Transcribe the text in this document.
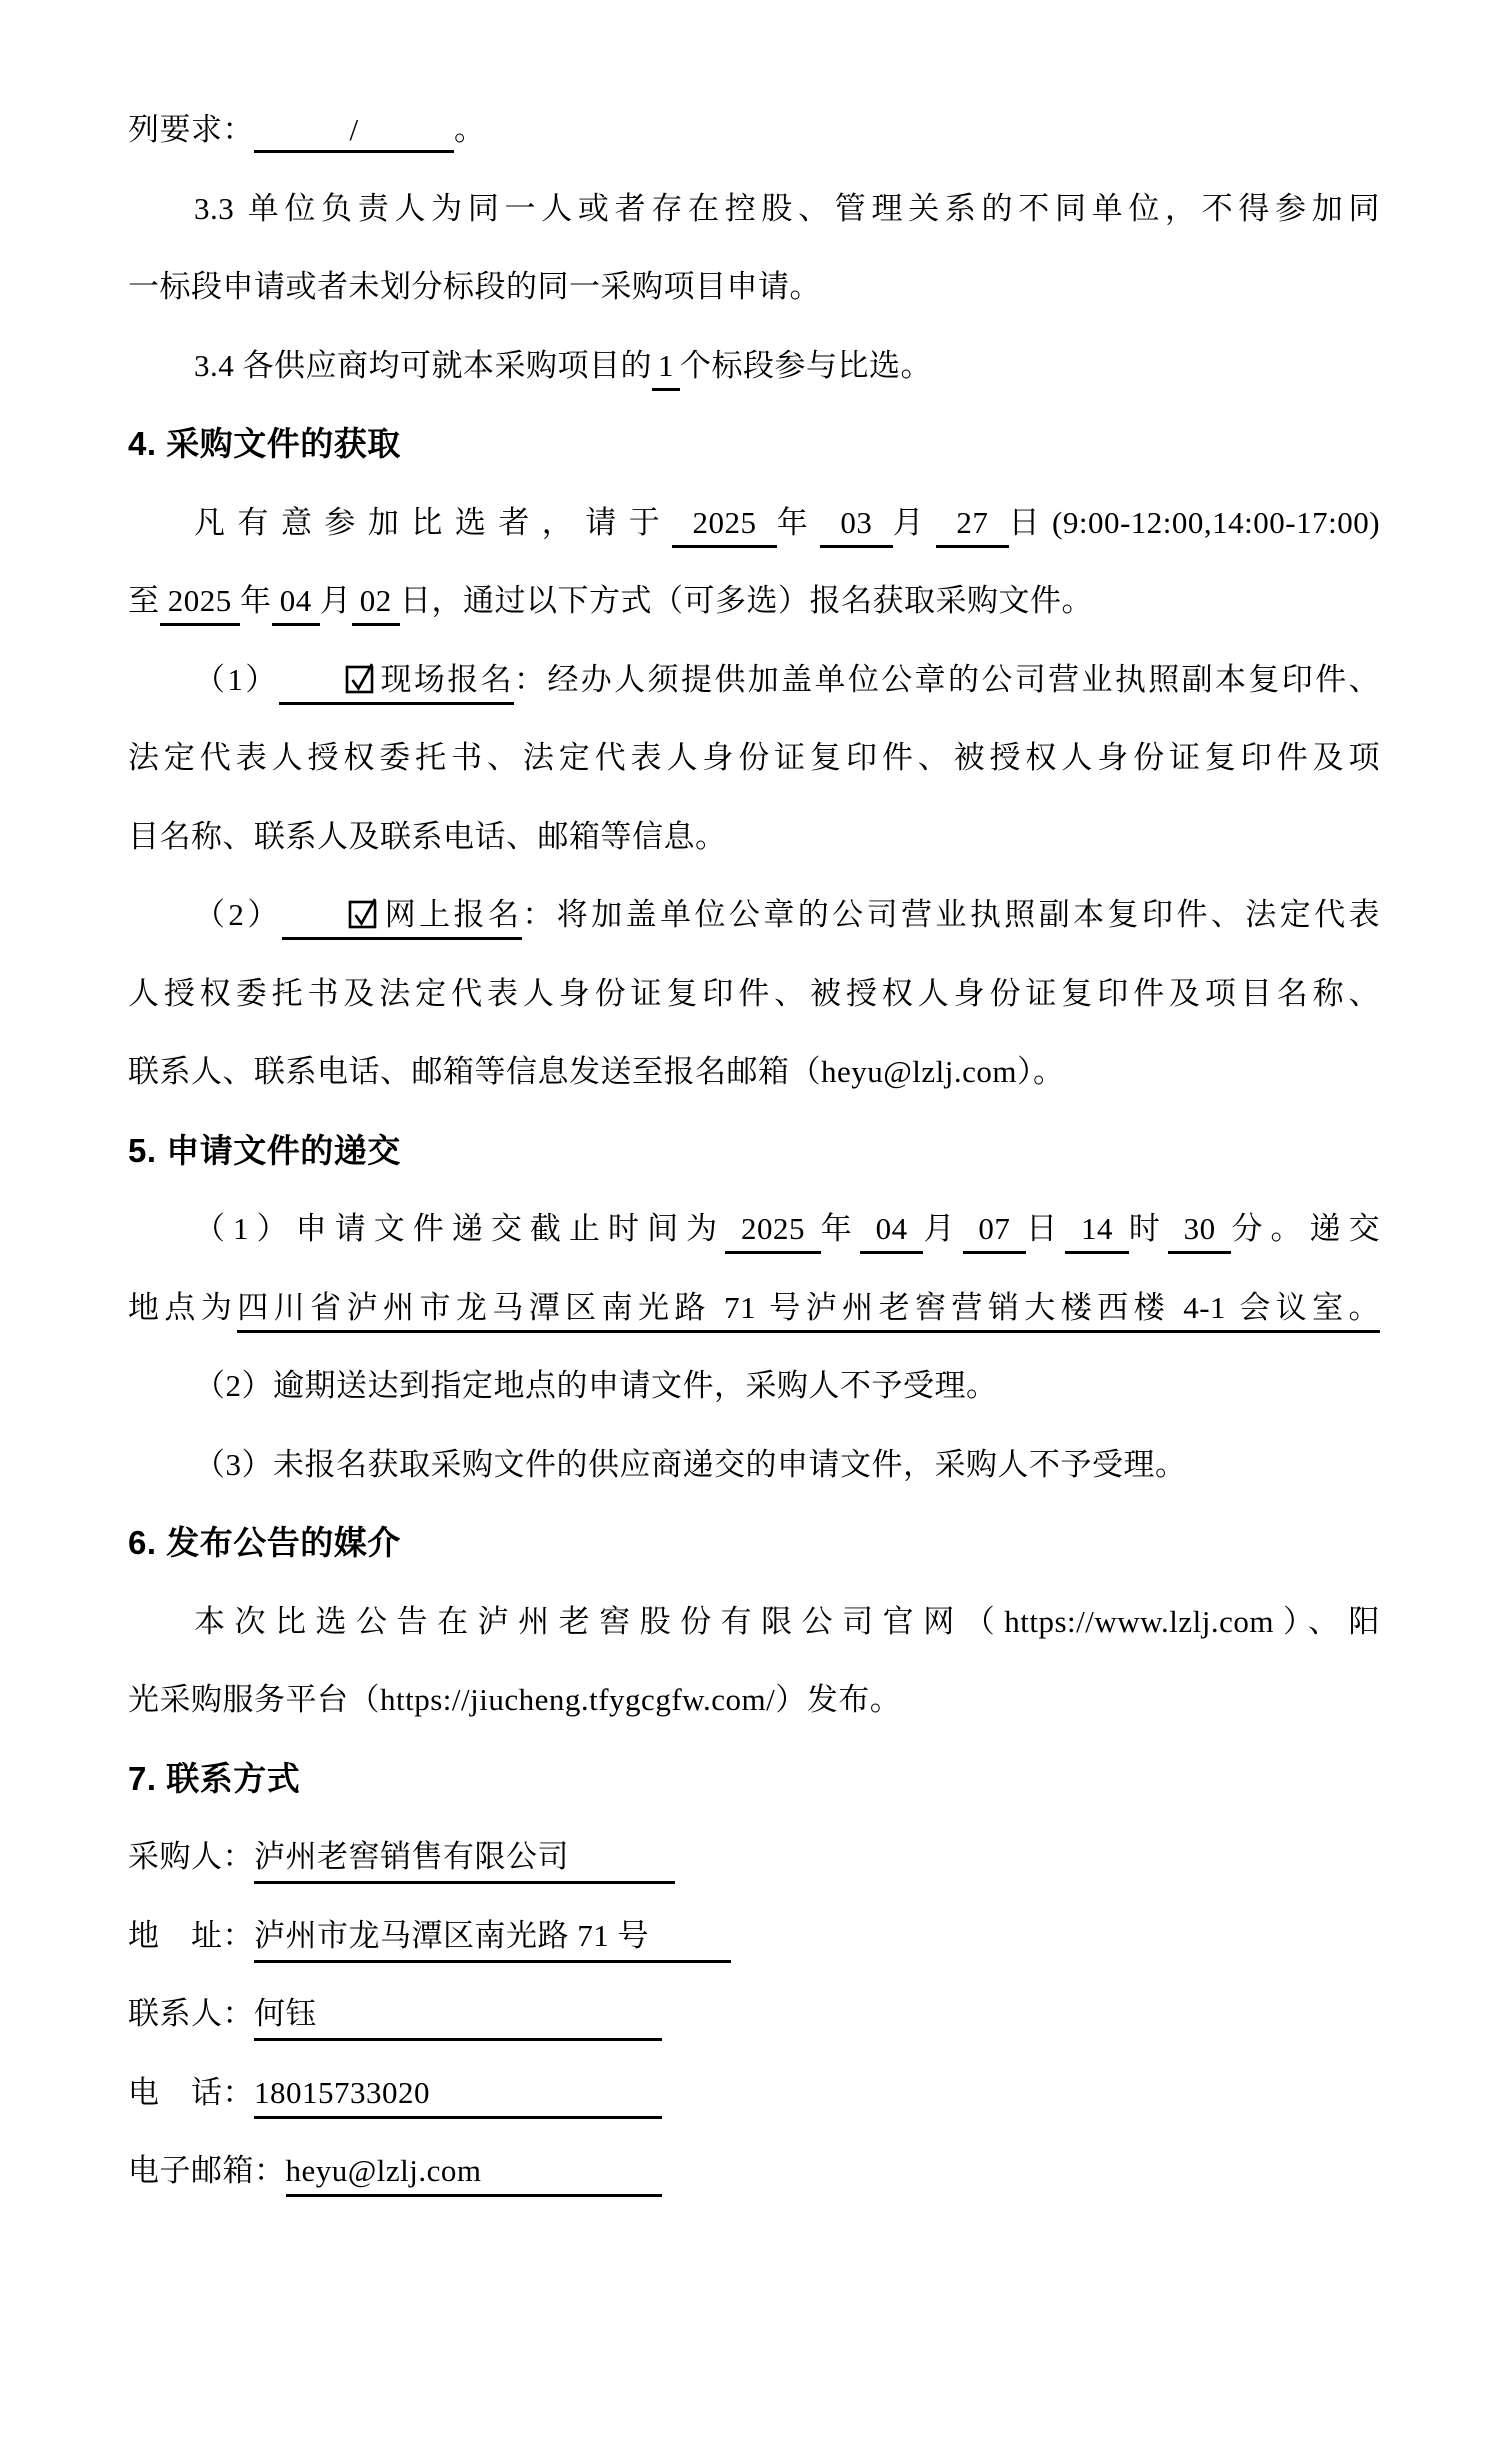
列要求：	/	。
3.3 单位负责人为同一人或者存在控股、管理关系的不同单位，不得参加同
一标段申请或者未划分标段的同一采购项目申请。
3.4 各供应商均可就本采购项目的 1 个标段参与比选。
4. 采购文件的获取
凡有意参加比选者，请于 2025 年 03 月 27 日(9:00-12:00,14:00-17:00)
至 2025 年 04 月 02 日，通过以下方式（可多选）报名获取采购文件。
（1）	现场报名：经办人须提供加盖单位公章的公司营业执照副本复印件、
法定代表人授权委托书、法定代表人身份证复印件、被授权人身份证复印件及项
目名称、联系人及联系电话、邮箱等信息。
（2）	网上报名：将加盖单位公章的公司营业执照副本复印件、法定代表
人授权委托书及法定代表人身份证复印件、被授权人身份证复印件及项目名称、
联系人、联系电话、邮箱等信息发送至报名邮箱（heyu@lzlj.com）。
5. 申请文件的递交
（1）申请文件递交截止时间为 2025 年 04 月 07 日 14 时 30 分。递交
地点为四川省泸州市龙马潭区南光路 71 号泸州老窖营销大楼西楼 4-1 会议室。
（2）逾期送达到指定地点的申请文件，采购人不予受理。
（3）未报名获取采购文件的供应商递交的申请文件，采购人不予受理。
6. 发布公告的媒介
本次比选公告在泸州老窖股份有限公司官网（https://www.lzlj.com）、阳
光采购服务平台（https://jiucheng.tfygcgfw.com/）发布。
7. 联系方式
采购人：泸州老窖销售有限公司
地　址：泸州市龙马潭区南光路 71 号
联系人：何钰
电　话：18015733020
电子邮箱：heyu@lzlj.com
